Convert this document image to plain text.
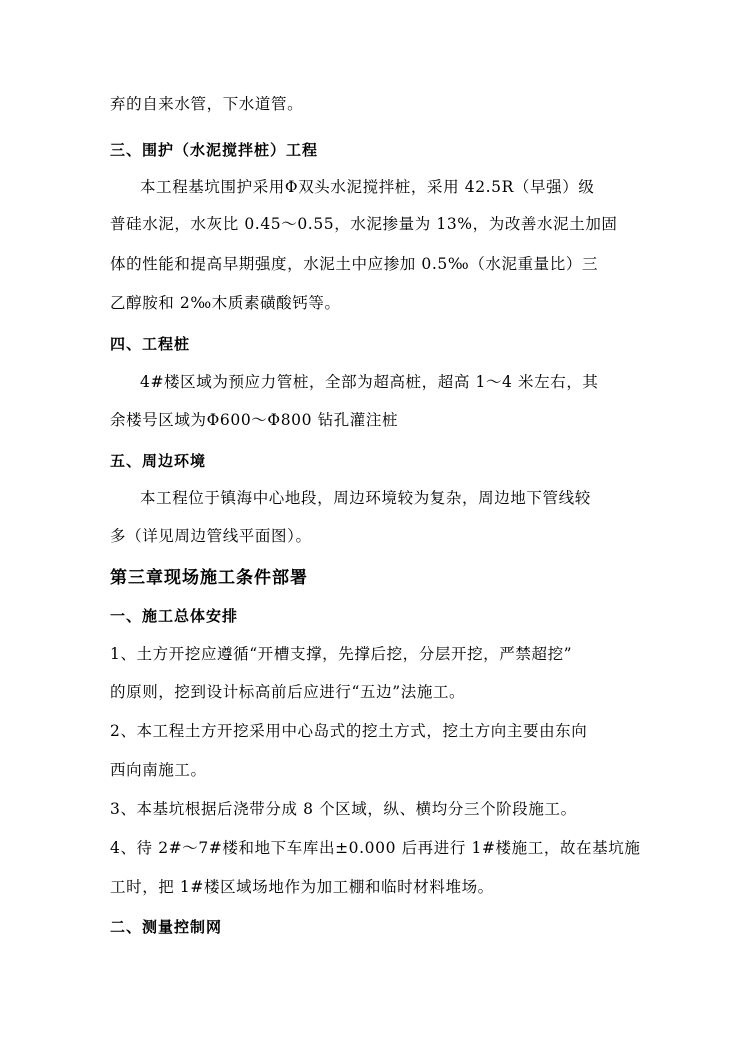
弃的自来水管，下水道管。
三、围护（水泥搅拌桩）工程
本工程基坑围护采用Φ双头水泥搅拌桩，采用 42.5R（早强）级
普硅水泥，水灰比 0.45～0.55，水泥掺量为 13%，为改善水泥土加固
体的性能和提高早期强度，水泥土中应掺加 0.5‰（水泥重量比）三
乙醇胺和 2‰木质素磺酸钙等。
四、工程桩
4#楼区域为预应力管桩，全部为超高桩，超高 1～4 米左右，其
余楼号区域为Φ600～Φ800 钻孔灌注桩
五、周边环境
本工程位于镇海中心地段，周边环境较为复杂，周边地下管线较
多（详见周边管线平面图）。
第三章现场施工条件部署
一、施工总体安排
1、土方开挖应遵循“开槽支撑，先撑后挖，分层开挖，严禁超挖”
的原则，挖到设计标高前后应进行“五边”法施工。
2、本工程土方开挖采用中心岛式的挖土方式，挖土方向主要由东向
西向南施工。
3、本基坑根据后浇带分成 8 个区域，纵、横均分三个阶段施工。
4、待 2#～7#楼和地下车库出±0.000 后再进行 1#楼施工，故在基坑施
工时，把 1#楼区域场地作为加工棚和临时材料堆场。
二、测量控制网
